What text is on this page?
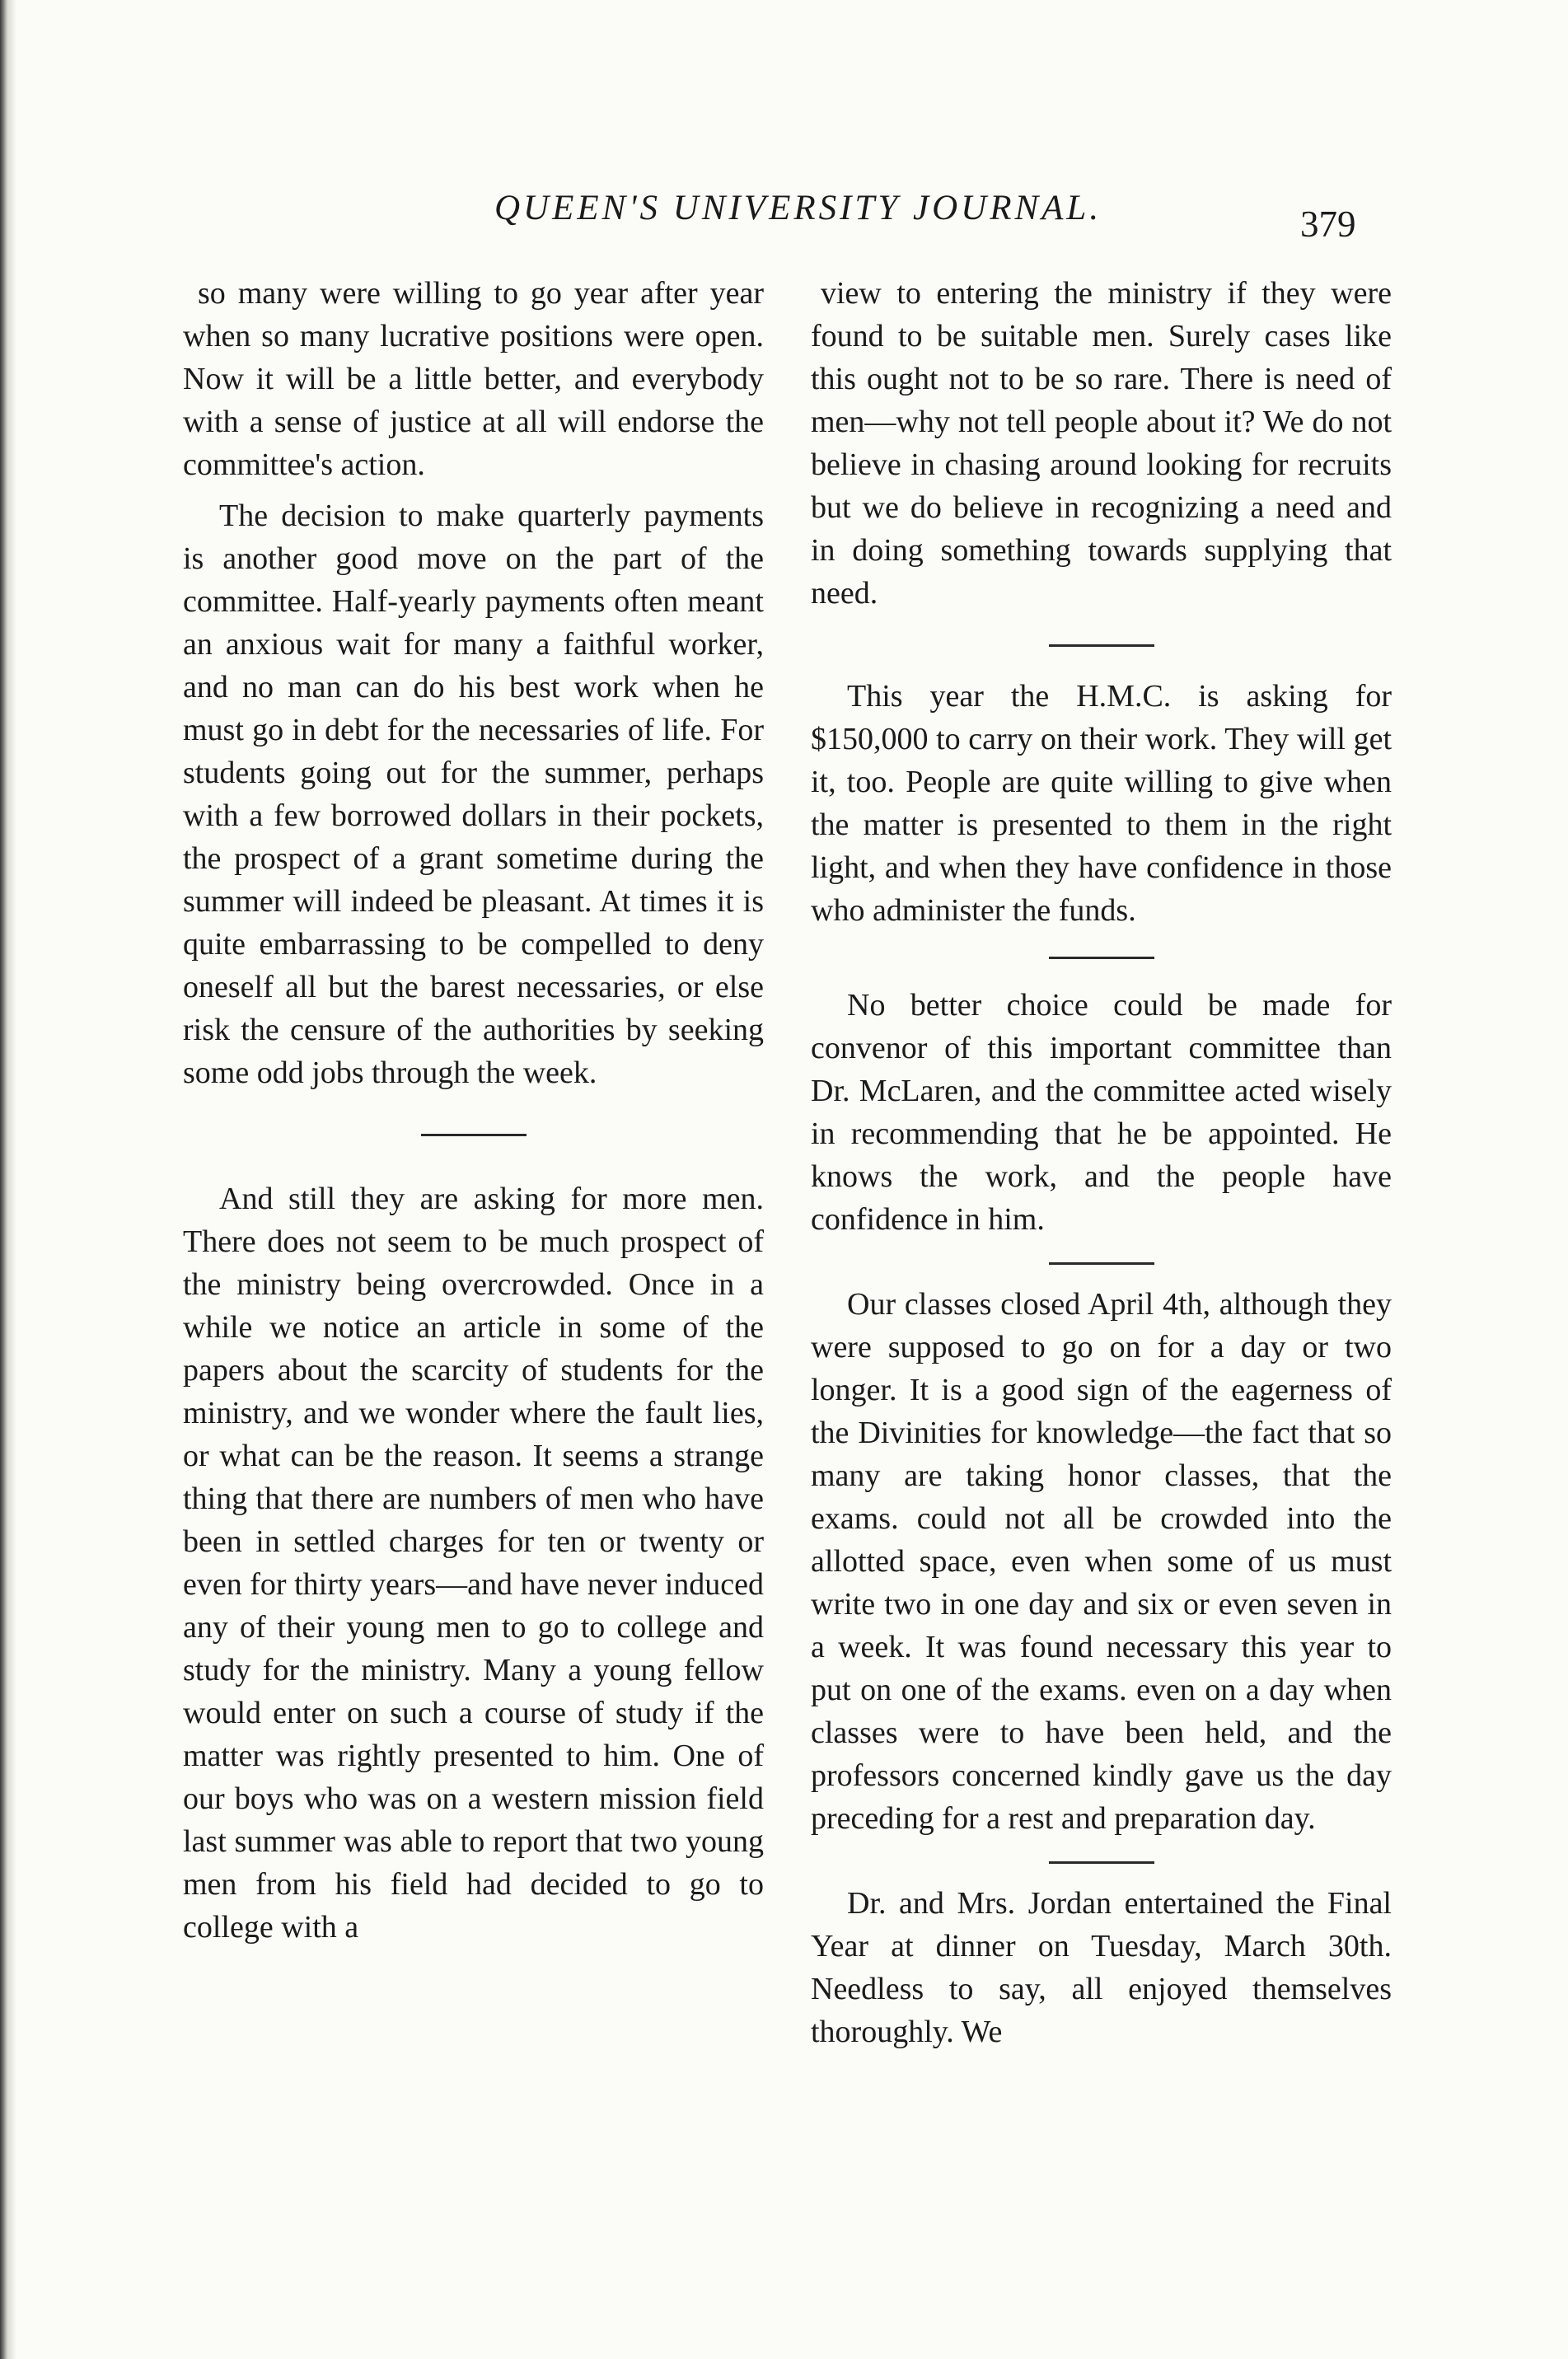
QUEEN'S UNIVERSITY JOURNAL.	379

so many were willing to go year after year when so many lucrative positions were open. Now it will be a little better, and everybody with a sense of justice at all will endorse the committee's action.

The decision to make quarterly payments is another good move on the part of the committee. Half-yearly payments often meant an anxious wait for many a faithful worker, and no man can do his best work when he must go in debt for the necessaries of life. For students going out for the summer, perhaps with a few borrowed dollars in their pockets, the prospect of a grant sometime during the summer will indeed be pleasant. At times it is quite embarrassing to be compelled to deny oneself all but the barest necessaries, or else risk the censure of the authorities by seeking some odd jobs through the week.

And still they are asking for more men. There does not seem to be much prospect of the ministry being overcrowded. Once in a while we notice an article in some of the papers about the scarcity of students for the ministry, and we wonder where the fault lies, or what can be the reason. It seems a strange thing that there are numbers of men who have been in settled charges for ten or twenty or even for thirty years—and have never induced any of their young men to go to college and study for the ministry. Many a young fellow would enter on such a course of study if the matter was rightly presented to him. One of our boys who was on a western mission field last summer was able to report that two young men from his field had decided to go to college with a

view to entering the ministry if they were found to be suitable men. Surely cases like this ought not to be so rare. There is need of men—why not tell people about it? We do not believe in chasing around looking for recruits but we do believe in recognizing a need and in doing something towards supplying that need.

This year the H.M.C. is asking for $150,000 to carry on their work. They will get it, too. People are quite willing to give when the matter is presented to them in the right light, and when they have confidence in those who administer the funds.

No better choice could be made for convenor of this important committee than Dr. McLaren, and the committee acted wisely in recommending that he be appointed. He knows the work, and the people have confidence in him.

Our classes closed April 4th, although they were supposed to go on for a day or two longer. It is a good sign of the eagerness of the Divinities for knowledge—the fact that so many are taking honor classes, that the exams. could not all be crowded into the allotted space, even when some of us must write two in one day and six or even seven in a week. It was found necessary this year to put on one of the exams. even on a day when classes were to have been held, and the professors concerned kindly gave us the day preceding for a rest and preparation day.

Dr. and Mrs. Jordan entertained the Final Year at dinner on Tuesday, March 30th. Needless to say, all enjoyed themselves thoroughly. We
